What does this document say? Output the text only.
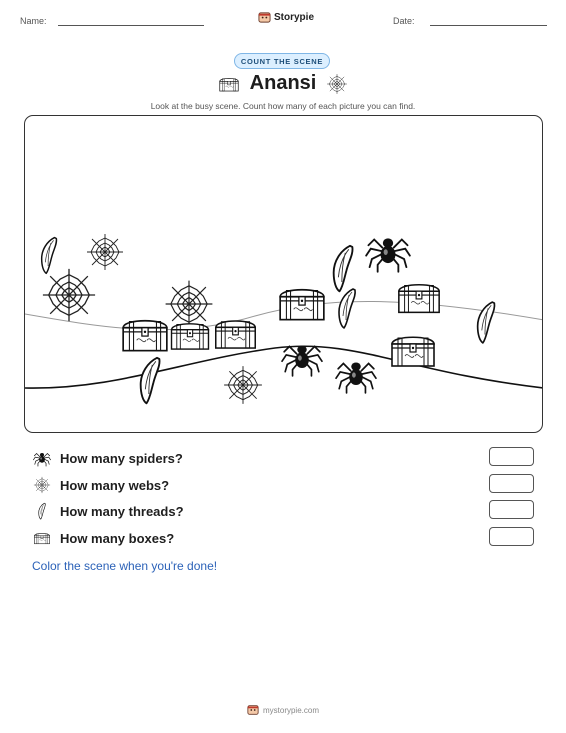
Name:	Storypie	Date:
COUNT THE SCENE
Anansi
Look at the busy scene. Count how many of each picture you can find.
How many spiders?
How many webs?
How many threads?
How many boxes?
Color the scene when you're done!
mystorypie.com
